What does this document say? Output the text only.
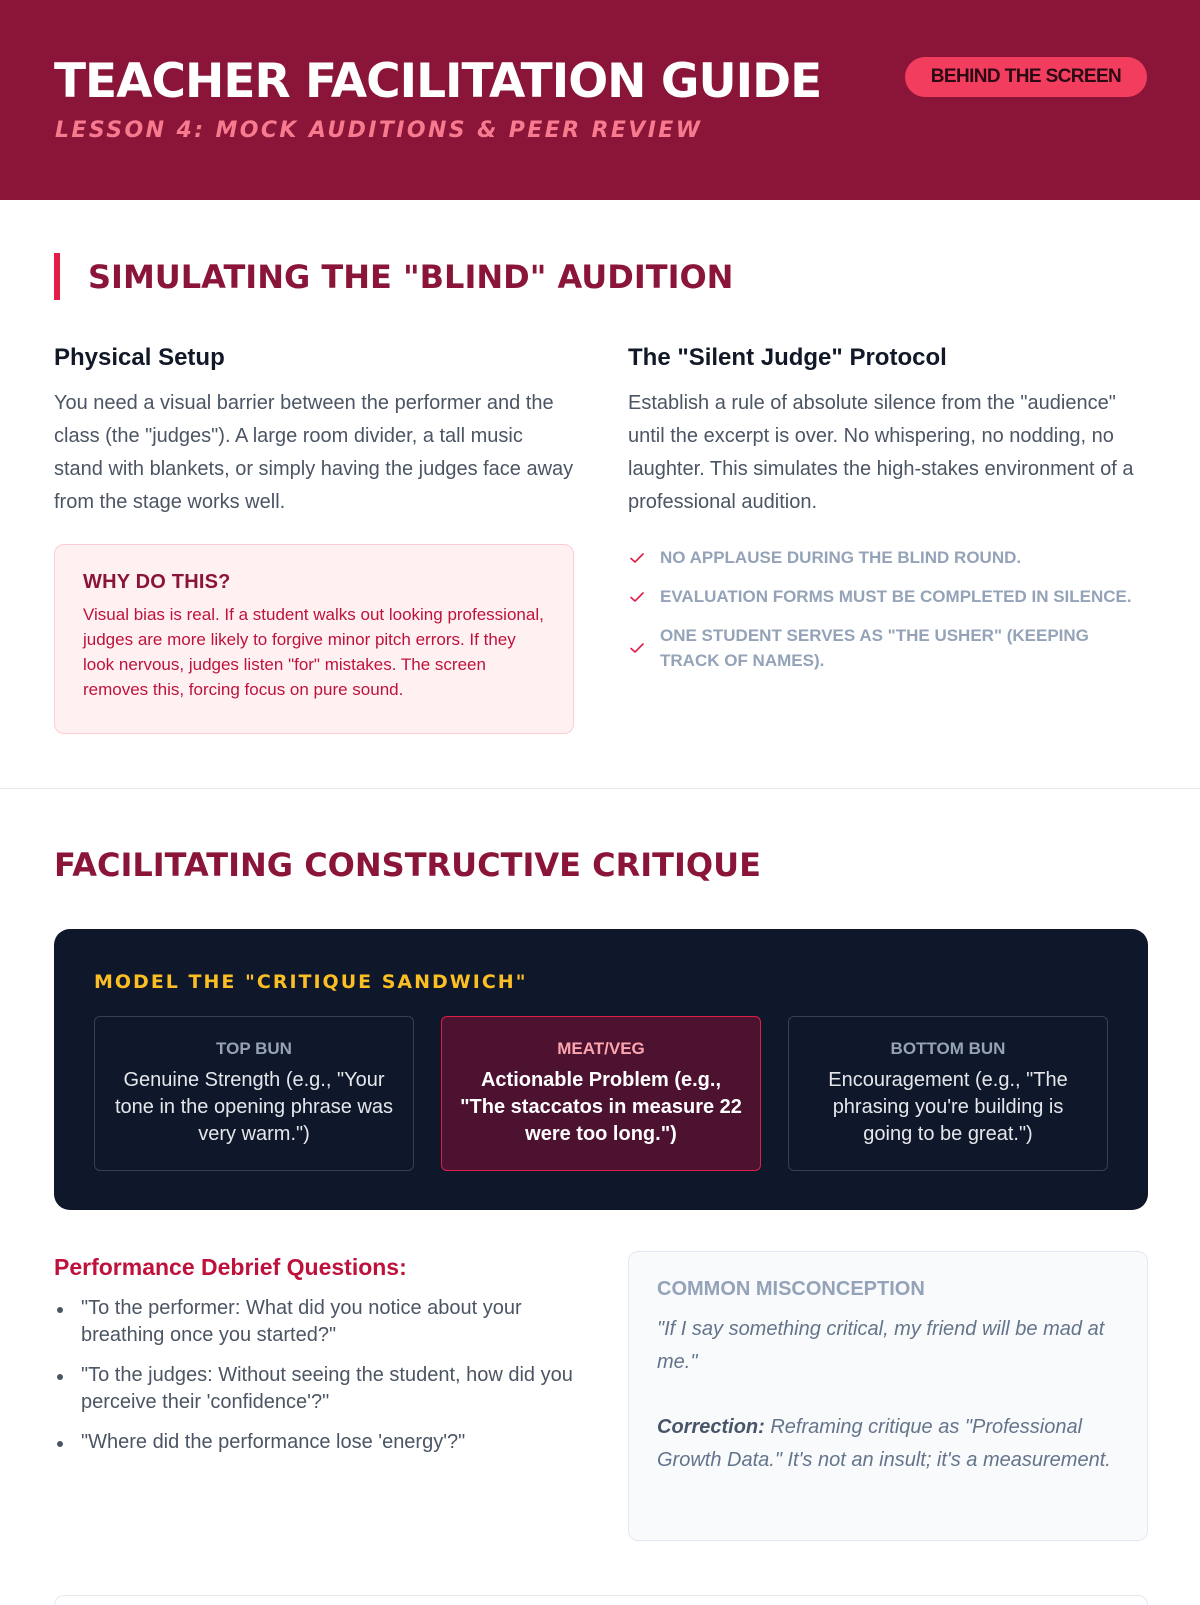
TEACHER FACILITATION GUIDE
LESSON 4: MOCK AUDITIONS & PEER REVIEW
BEHIND THE SCREEN
SIMULATING THE "BLIND" AUDITION
Physical Setup
You need a visual barrier between the performer and the class (the "judges"). A large room divider, a tall music stand with blankets, or simply having the judges face away from the stage works well.
WHY DO THIS?
Visual bias is real. If a student walks out looking professional, judges are more likely to forgive minor pitch errors. If they look nervous, judges listen "for" mistakes. The screen removes this, forcing focus on pure sound.
The "Silent Judge" Protocol
Establish a rule of absolute silence from the "audience" until the excerpt is over. No whispering, no nodding, no laughter. This simulates the high-stakes environment of a professional audition.
NO APPLAUSE DURING THE BLIND ROUND.
EVALUATION FORMS MUST BE COMPLETED IN SILENCE.
ONE STUDENT SERVES AS "THE USHER" (KEEPING TRACK OF NAMES).
FACILITATING CONSTRUCTIVE CRITIQUE
MODEL THE "CRITIQUE SANDWICH"
TOP BUN
Genuine Strength (e.g., "Your tone in the opening phrase was very warm.")
MEAT/VEG
Actionable Problem (e.g., "The staccatos in measure 22 were too long.")
BOTTOM BUN
Encouragement (e.g., "The phrasing you're building is going to be great.")
Performance Debrief Questions:
"To the performer: What did you notice about your breathing once you started?"
"To the judges: Without seeing the student, how did you perceive their 'confidence'?"
"Where did the performance lose 'energy'?"
COMMON MISCONCEPTION
"If I say something critical, my friend will be mad at me."
Correction: Reframing critique as "Professional Growth Data." It's not an insult; it's a measurement.
